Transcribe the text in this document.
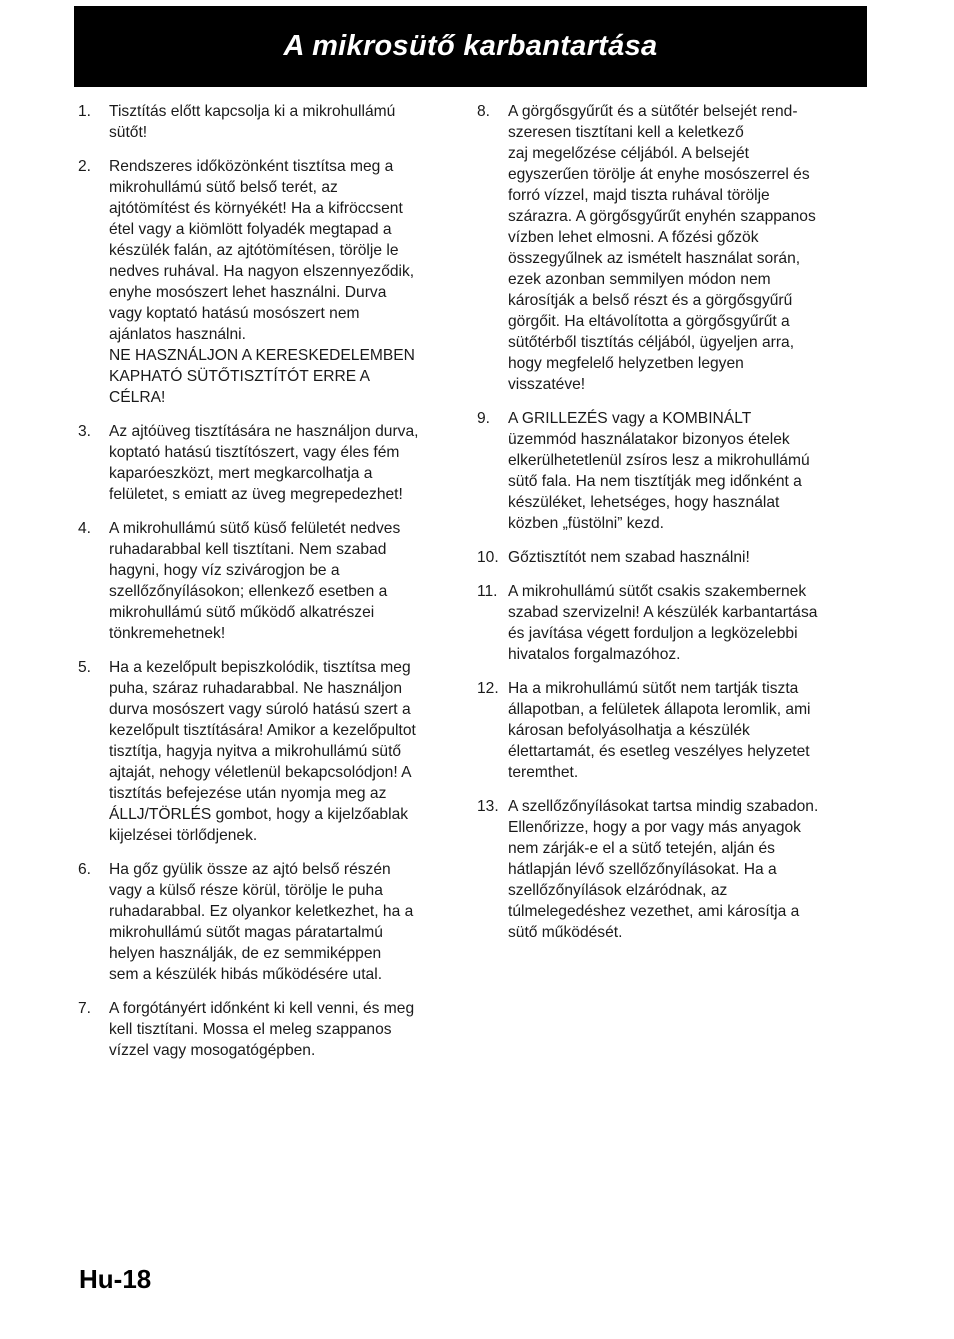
A mikrosütő karbantartása
1.	Tisztítás előtt kapcsolja ki a mikrohullámú
sütőt!
2.	Rendszeres időközönként tisztítsa meg a
mikrohullámú sütő belső terét, az
ajtótömítést és környékét! Ha a kifröccsent
étel vagy a kiömlött folyadék megtapad a
készülék falán, az ajtótömítésen, törölje le
nedves ruhával. Ha nagyon elszennyeződik,
enyhe mosószert lehet használni. Durva
vagy koptató hatású mosószert nem
ajánlatos használni.
NE HASZNÁLJON A KERESKEDELEMBEN
KAPHATÓ SÜTŐTISZTÍTÓT ERRE A
CÉLRA!
3.	Az ajtóüveg tisztítására ne használjon durva,
koptató hatású tisztítószert, vagy éles fém
kaparóeszközt, mert megkarcolhatja a
felületet, s emiatt az üveg megrepedezhet!
4.	A mikrohullámú sütő küső felületét nedves
ruhadarabbal kell tisztítani. Nem szabad
hagyni, hogy víz szivárogjon be a
szellőzőnyílásokon; ellenkező esetben a
mikrohullámú sütő működő alkatrészei
tönkremehetnek!
5.	Ha a kezelőpult bepiszkolódik, tisztítsa meg
puha, száraz ruhadarabbal. Ne használjon
durva mosószert vagy súroló hatású szert a
kezelőpult tisztítására! Amikor a kezelőpultot
tisztítja, hagyja nyitva a mikrohullámú sütő
ajtaját, nehogy véletlenül bekapcsolódjon! A
tisztítás befejezése után nyomja meg az
ÁLLJ/TÖRLÉS gombot, hogy a kijelzőablak
kijelzései törlődjenek.
6.	Ha gőz gyülik össze az ajtó belső részén
vagy a külső része körül, törölje le puha
ruhadarabbal. Ez olyankor keletkezhet, ha a
mikrohullámú sütőt magas páratartalmú
helyen használják, de ez semmiképpen
sem a készülék hibás működésére utal.
7.	A forgótányért időnként ki kell venni, és meg
kell tisztítani. Mossa el meleg szappanos
vízzel vagy mosogatógépben.
8.	A görgősgyűrűt és a sütőtér belsejét rend-
szeresen tisztítani kell a keletkező
zaj megelőzése céljából. A belsejét
egyszerűen törölje át enyhe mosószerrel és
forró vízzel, majd tiszta ruhával törölje
szárazra. A görgősgyűrűt enyhén szappanos
vízben lehet elmosni. A főzési gőzök
összegyűlnek az ismételt használat során,
ezek azonban semmilyen módon nem
károsítják a belső részt és a görgősgyűrű
görgőit. Ha eltávolította a görgősgyűrűt a
sütőtérből tisztítás céljából, ügyeljen arra,
hogy megfelelő helyzetben legyen
visszatéve!
9.	A GRILLEZÉS vagy a KOMBINÁLT
üzemmód használatakor bizonyos ételek
elkerülhetetlenül zsíros lesz a mikrohullámú
sütő fala. Ha nem tisztítják meg időnként a
készüléket, lehetséges, hogy használat
közben „füstölni” kezd.
10. Gőztisztítót nem szabad használni!
11. A mikrohullámú sütőt csakis szakembernek
szabad szervizelni! A készülék karbantartása
és javítása végett forduljon a legközelebbi
hivatalos forgalmazóhoz.
12. Ha a mikrohullámú sütőt nem tartják tiszta
állapotban, a felületek állapota leromlik, ami
károsan befolyásolhatja a készülék
élettartamát, és esetleg veszélyes helyzetet
teremthet.
13. A szellőzőnyílásokat tartsa mindig szabadon.
Ellenőrizze, hogy a por vagy más anyagok
nem zárják-e el a sütő tetején, alján és
hátlapján lévő szellőzőnyílásokat. Ha a
szellőzőnyílások elzáródnak, az
túlmelegedéshez vezethet, ami károsítja a
sütő működését.
Hu-18
